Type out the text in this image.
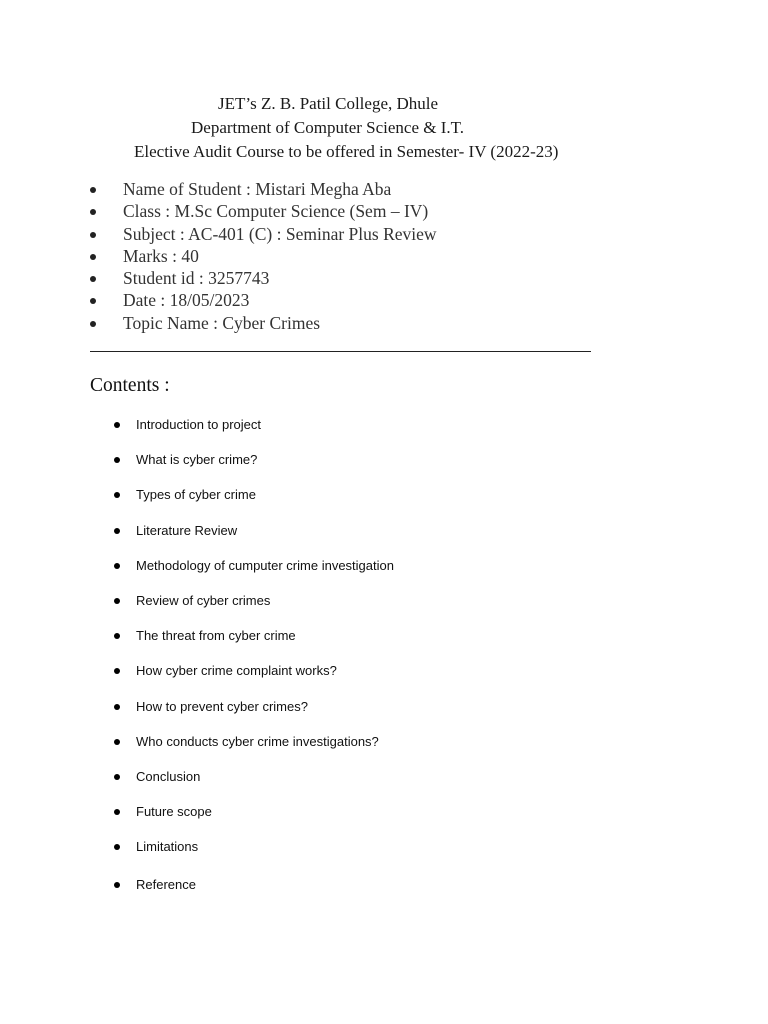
JET’s Z. B. Patil College, Dhule
Department of Computer Science & I.T.
Elective Audit Course to be offered in Semester- IV (2022-23)
Name of Student : Mistari Megha Aba
Class : M.Sc Computer Science (Sem – IV)
Subject : AC-401 (C) : Seminar Plus Review
Marks : 40
Student id : 3257743
Date : 18/05/2023
Topic Name : Cyber Crimes
Contents :
Introduction to project
What is cyber crime?
Types of cyber crime
Literature Review
Methodology of cumputer crime investigation
Review of cyber crimes
The threat from cyber crime
How cyber crime complaint works?
How to prevent cyber crimes?
Who conducts cyber crime investigations?
Conclusion
Future scope
Limitations
Reference
